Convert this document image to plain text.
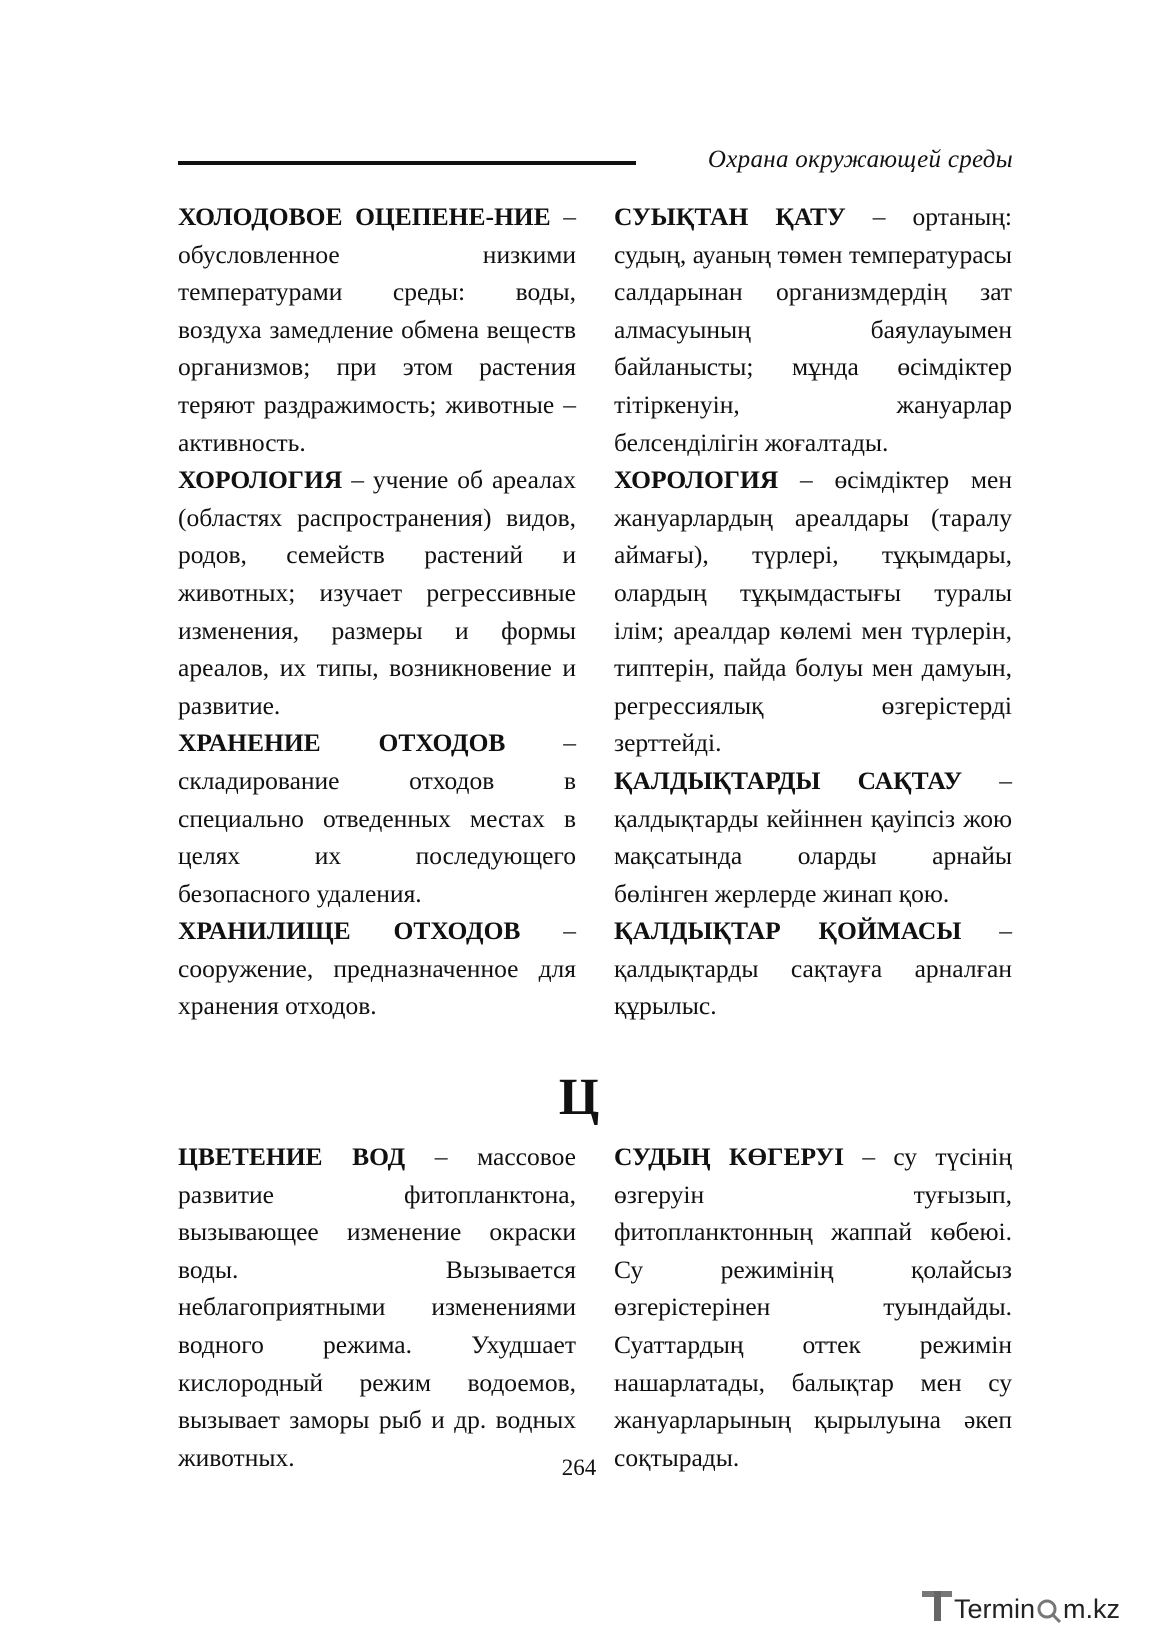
Охрана окружающей среды

ХОЛОДОВОЕ ОЦЕПЕНЕ-НИЕ – обусловленное низкими температурами среды: воды, воздуха замедление обмена веществ организмов; при этом растения теряют раздражимость; животные – активность.

ХОРОЛОГИЯ – учение об ареалах (областях распространения) видов, родов, семейств растений и животных; изучает регрессивные изменения, размеры и формы ареалов, их типы, возникновение и развитие.

ХРАНЕНИЕ ОТХОДОВ – складирование отходов в специально отведенных местах в целях их последующего безопасного удаления.

ХРАНИЛИЩЕ ОТХОДОВ – сооружение, предназначенное для хранения отходов.

СУЫҚТАН ҚАТУ – ортаның: судың, ауаның төмен температурасы салдарынан организмдердің зат алмасуының баяулауымен байланысты; мұнда өсімдіктер тітіркенуін, жануарлар белсенділігін жоғалтады.

ХОРОЛОГИЯ – өсімдіктер мен жануарлардың ареалдары (таралу аймағы), түрлері, тұқымдары, олардың тұқымдастығы туралы ілім; ареалдар көлемі мен түрлерін, типтерін, пайда болуы мен дамуын, регрессиялық өзгерістерді зерттейді.

ҚАЛДЫҚТАРДЫ САҚТАУ – қалдықтарды кейіннен қауіпсіз жою мақсатында оларды арнайы бөлінген жерлерде жинап қою.

ҚАЛДЫҚТАР ҚОЙМАСЫ – қалдықтарды сақтауға арналған құрылыс.

Ц

ЦВЕТЕНИЕ ВОД – массовое развитие фитопланктона, вызывающее изменение окраски воды. Вызывается неблагоприятными изменениями водного режима. Ухудшает кислородный режим водоемов, вызывает заморы рыб и др. водных животных.

СУДЫҢ КӨГЕРУІ – су түсінің өзгеруін туғызып, фитопланктонның жаппай көбеюі. Су режимінің қолайсыз өзгерістерінен туындайды. Суаттардың оттек режимін нашарлатады, балықтар мен су жануарларының қырылуына әкеп соқтырады.

264
Termin m.kz
